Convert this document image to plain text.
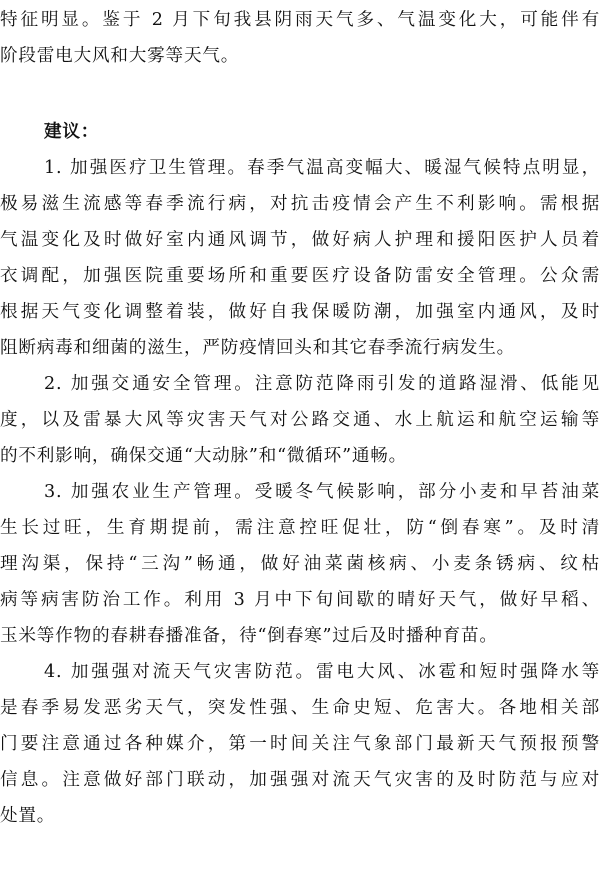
特征明显。鉴于 2 月下旬我县阴雨天气多、气温变化大，可能伴有
阶段雷电大风和大雾等天气。
建议：
1. 加强医疗卫生管理。春季气温高变幅大、暖湿气候特点明显，
极易滋生流感等春季流行病，对抗击疫情会产生不利影响。需根据
气温变化及时做好室内通风调节，做好病人护理和援阳医护人员着
衣调配，加强医院重要场所和重要医疗设备防雷安全管理。公众需
根据天气变化调整着装，做好自我保暖防潮，加强室内通风，及时
阻断病毒和细菌的滋生，严防疫情回头和其它春季流行病发生。
2. 加强交通安全管理。注意防范降雨引发的道路湿滑、低能见
度，以及雷暴大风等灾害天气对公路交通、水上航运和航空运输等
的不利影响，确保交通“大动脉”和“微循环”通畅。
3. 加强农业生产管理。受暖冬气候影响，部分小麦和早苔油菜
生长过旺，生育期提前，需注意控旺促壮，防“倒春寒”。及时清
理沟渠，保持“三沟”畅通，做好油菜菌核病、小麦条锈病、纹枯
病等病害防治工作。利用 3 月中下旬间歇的晴好天气，做好早稻、
玉米等作物的春耕春播准备，待“倒春寒”过后及时播种育苗。
4. 加强强对流天气灾害防范。雷电大风、冰雹和短时强降水等
是春季易发恶劣天气，突发性强、生命史短、危害大。各地相关部
门要注意通过各种媒介，第一时间关注气象部门最新天气预报预警
信息。注意做好部门联动，加强强对流天气灾害的及时防范与应对
处置。
